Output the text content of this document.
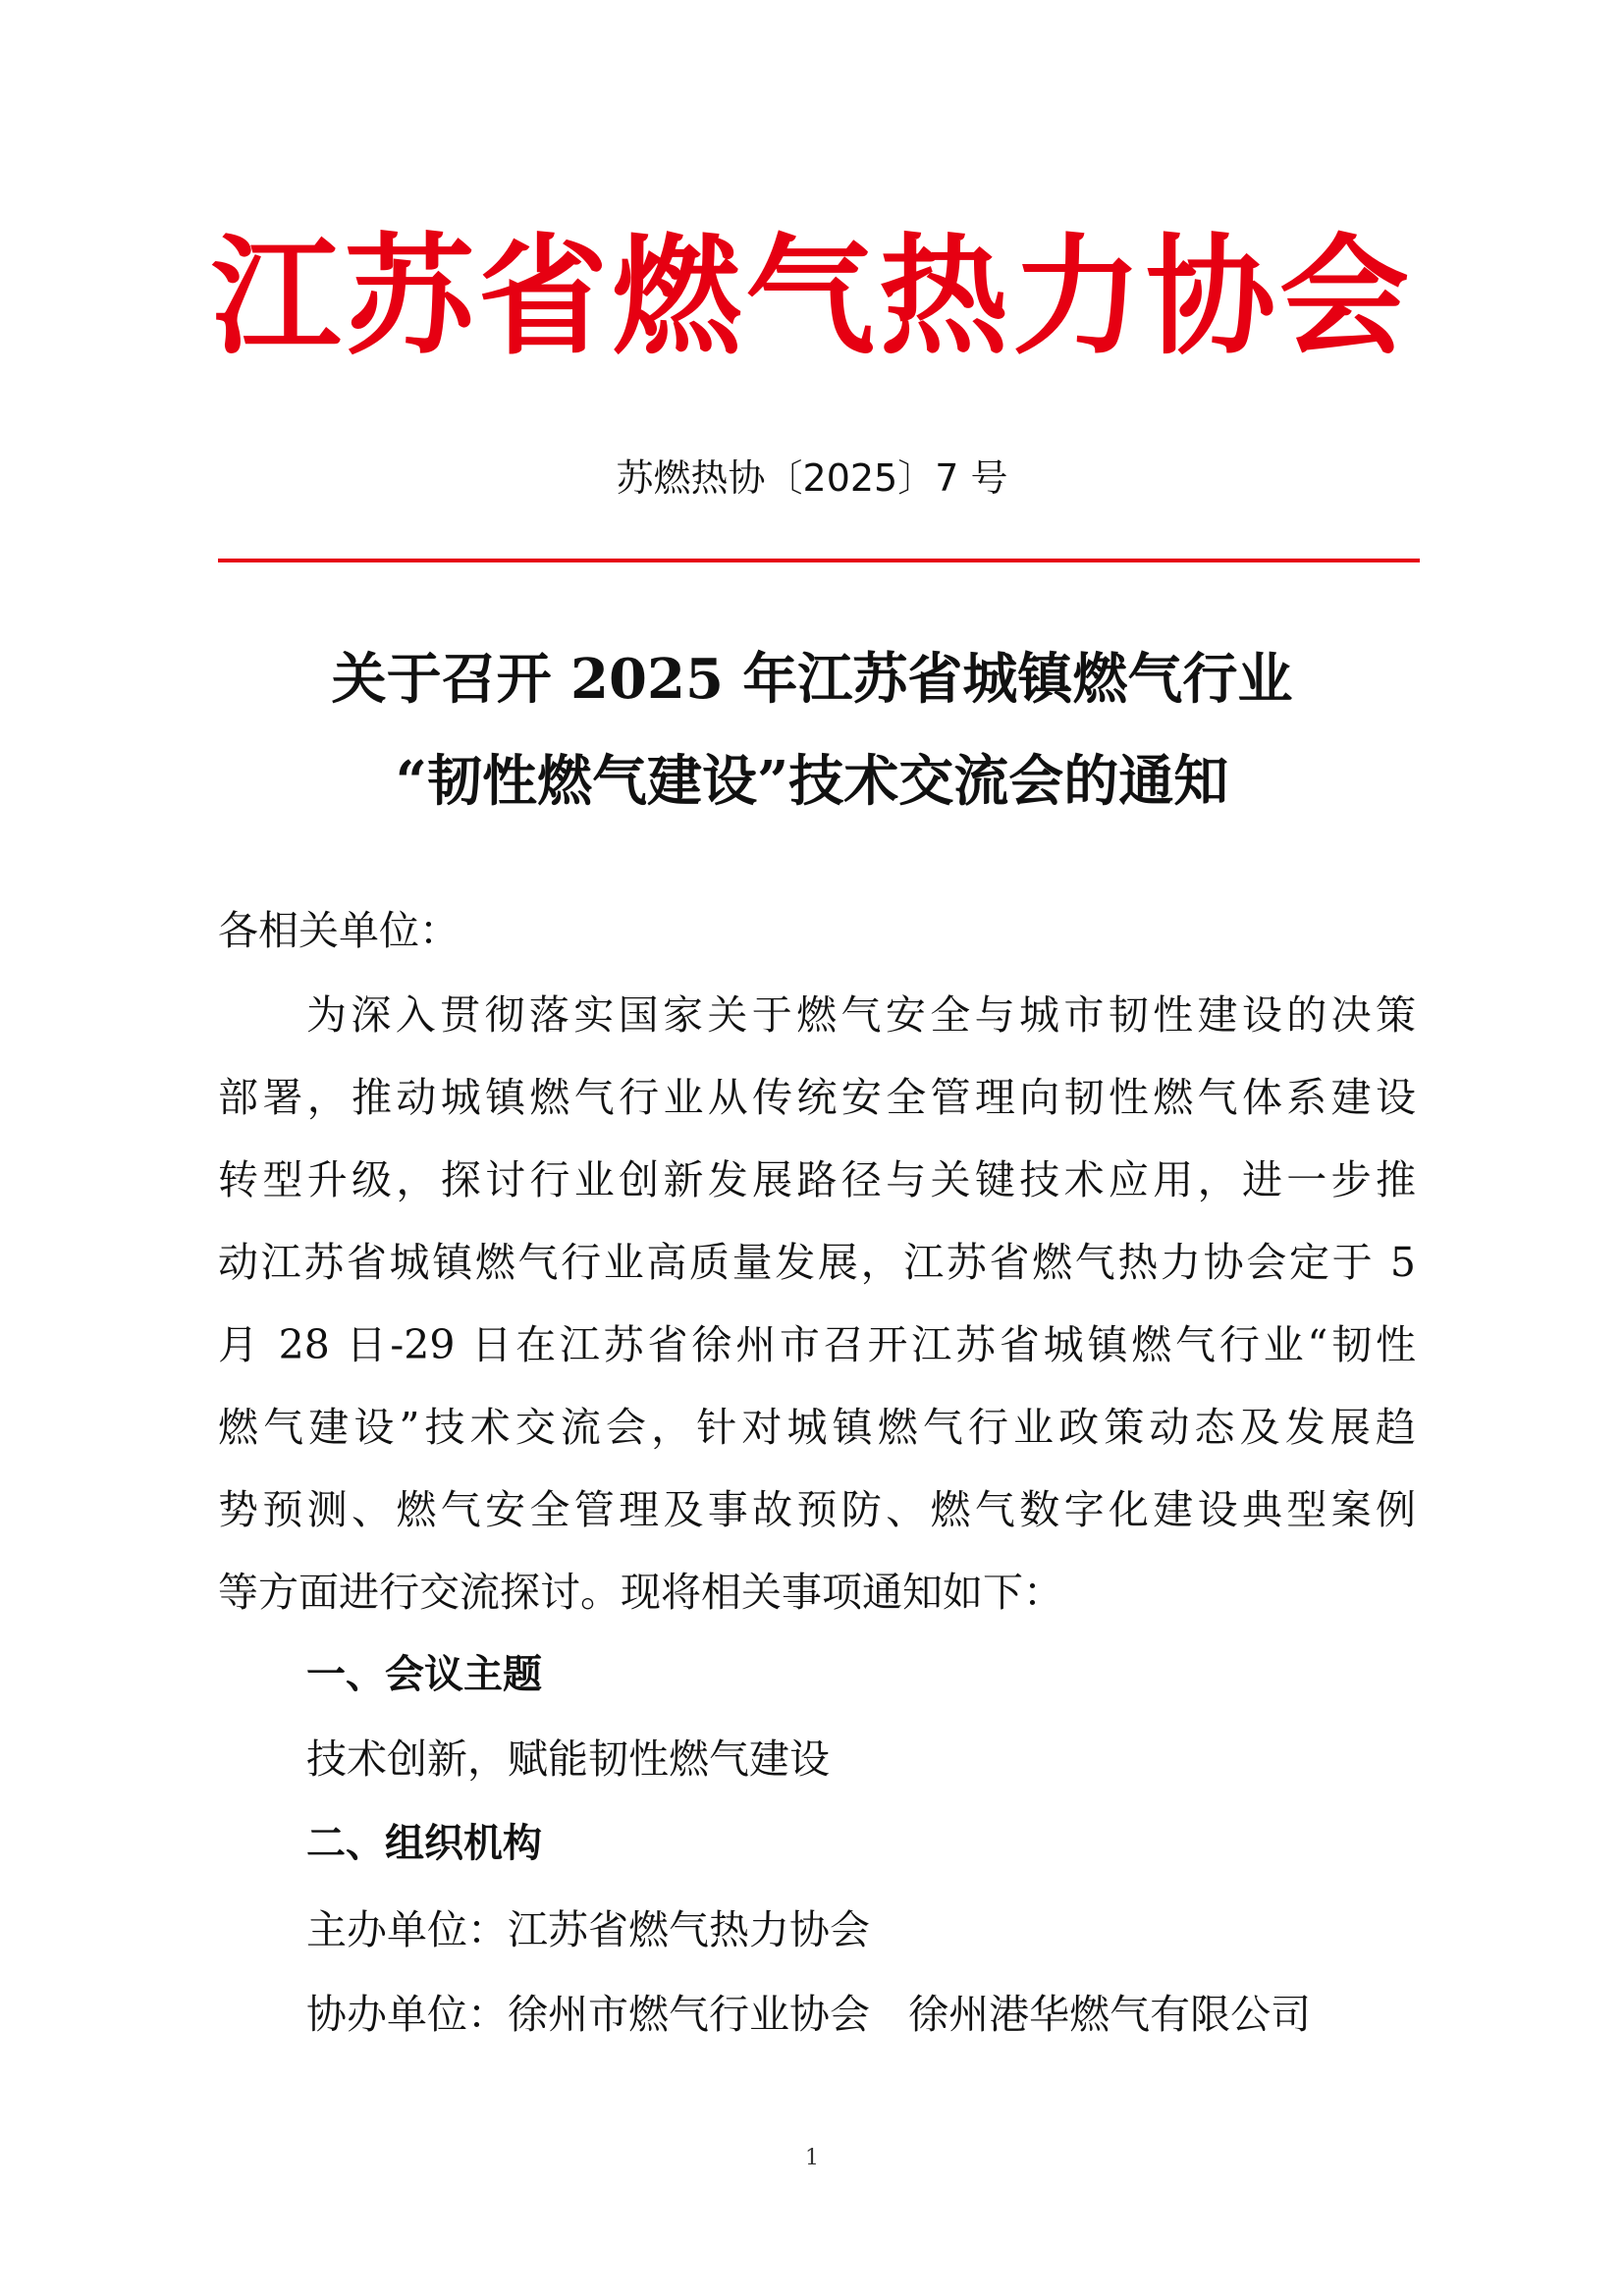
江苏省燃气热力协会
苏燃热协〔2025〕7 号
关于召开 2025 年江苏省城镇燃气行业
“韧性燃气建设”技术交流会的通知
各相关单位：
为深入贯彻落实国家关于燃气安全与城市韧性建设的决策
部署，推动城镇燃气行业从传统安全管理向韧性燃气体系建设
转型升级，探讨行业创新发展路径与关键技术应用，进一步推
动江苏省城镇燃气行业高质量发展，江苏省燃气热力协会定于 5
月 28 日-29 日在江苏省徐州市召开江苏省城镇燃气行业“韧性
燃气建设”技术交流会，针对城镇燃气行业政策动态及发展趋
势预测、燃气安全管理及事故预防、燃气数字化建设典型案例
等方面进行交流探讨。现将相关事项通知如下：
一、会议主题
技术创新，赋能韧性燃气建设
二、组织机构
主办单位：江苏省燃气热力协会
协办单位：徐州市燃气行业协会   徐州港华燃气有限公司
1
